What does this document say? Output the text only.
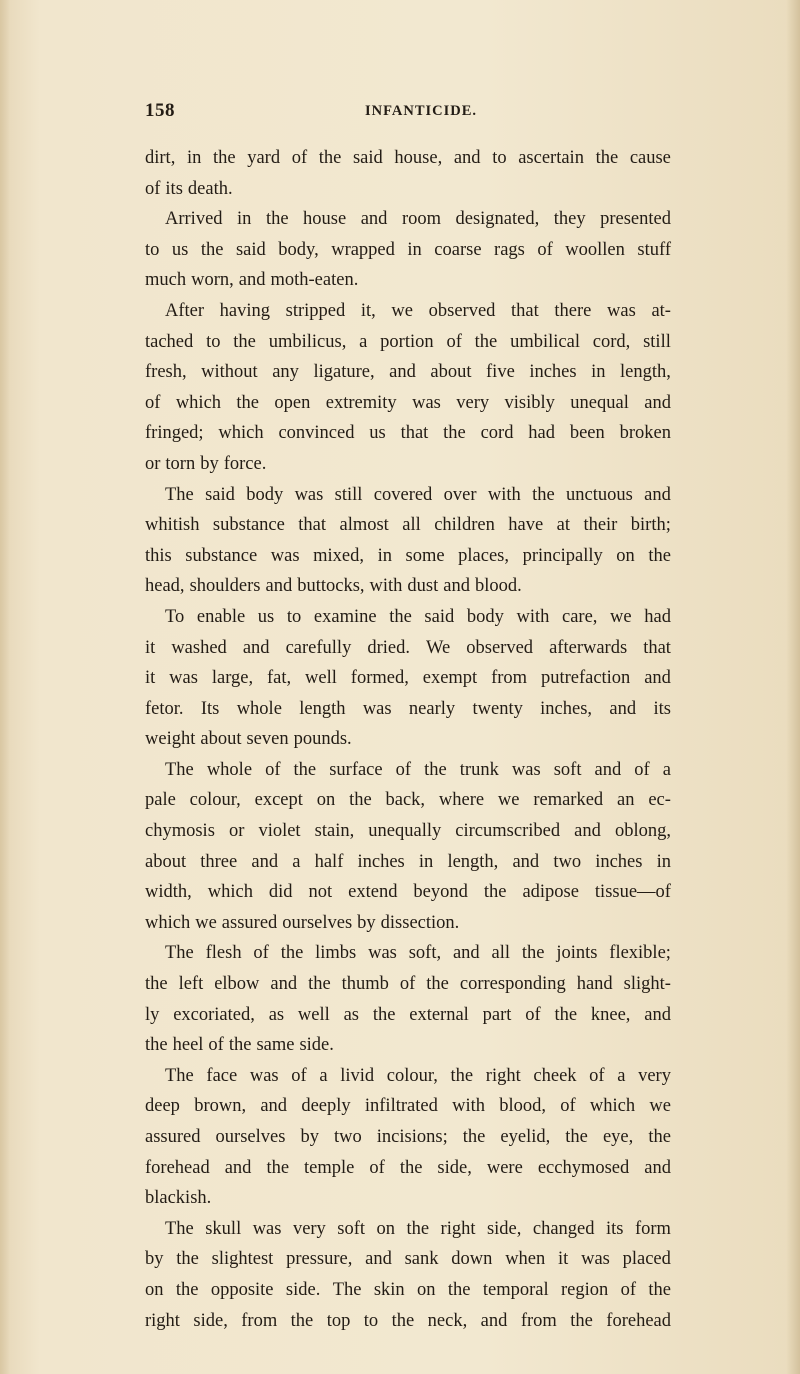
158	INFANTICIDE.
dirt, in the yard of the said house, and to ascertain the cause
of its death.
Arrived in the house and room designated, they presented
to us the said body, wrapped in coarse rags of woollen stuff
much worn, and moth-eaten.
After having stripped it, we observed that there was at-
tached to the umbilicus, a portion of the umbilical cord, still
fresh, without any ligature, and about five inches in length,
of which the open extremity was very visibly unequal and
fringed; which convinced us that the cord had been broken
or torn by force.
The said body was still covered over with the unctuous and
whitish substance that almost all children have at their birth;
this substance was mixed, in some places, principally on the
head, shoulders and buttocks, with dust and blood.
To enable us to examine the said body with care, we had
it washed and carefully dried. We observed afterwards that
it was large, fat, well formed, exempt from putrefaction and
fetor. Its whole length was nearly twenty inches, and its
weight about seven pounds.
The whole of the surface of the trunk was soft and of a
pale colour, except on the back, where we remarked an ec-
chymosis or violet stain, unequally circumscribed and oblong,
about three and a half inches in length, and two inches in
width, which did not extend beyond the adipose tissue—of
which we assured ourselves by dissection.
The flesh of the limbs was soft, and all the joints flexible;
the left elbow and the thumb of the corresponding hand slight-
ly excoriated, as well as the external part of the knee, and
the heel of the same side.
The face was of a livid colour, the right cheek of a very
deep brown, and deeply infiltrated with blood, of which we
assured ourselves by two incisions; the eyelid, the eye, the
forehead and the temple of the side, were ecchymosed and
blackish.
The skull was very soft on the right side, changed its form
by the slightest pressure, and sank down when it was placed
on the opposite side. The skin on the temporal region of the
right side, from the top to the neck, and from the forehead
